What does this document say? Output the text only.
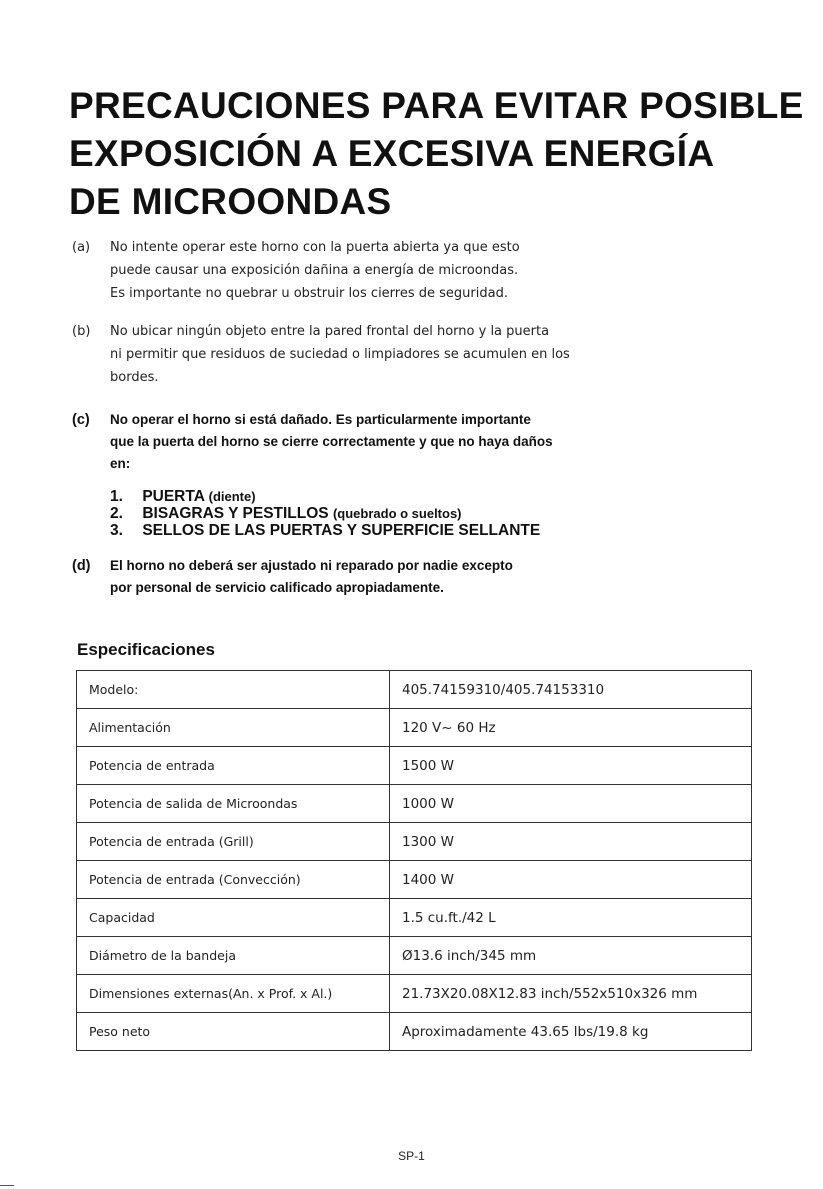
PRECAUCIONES PARA EVITAR POSIBLE
EXPOSICIÓN A EXCESIVA ENERGÍA
DE MICROONDAS
(a) No intente operar este horno con la puerta abierta ya que esto
puede causar una exposición dañina a energía de microondas.
Es importante no quebrar u obstruir los cierres de seguridad.
(b) No ubicar ningún objeto entre la pared frontal del horno y la puerta
ni permitir que residuos de suciedad o limpiadores se acumulen en los
bordes.
(c) No operar el horno si está dañado. Es particularmente importante
que la puerta del horno se cierre correctamente y que no haya daños
en:
1. PUERTA (diente)
2. BISAGRAS Y PESTILLOS (quebrado o sueltos)
3. SELLOS DE LAS PUERTAS Y SUPERFICIE SELLANTE
(d) El horno no deberá ser ajustado ni reparado por nadie excepto
por personal de servicio calificado apropiadamente.
Especificaciones
Modelo:	405.74159310/405.74153310
Alimentación	120 V~ 60 Hz
Potencia de entrada	1500 W
Potencia de salida de Microondas	1000 W
Potencia de entrada (Grill)	1300 W
Potencia de entrada (Convección)	1400 W
Capacidad	1.5 cu.ft./42 L
Diámetro de la bandeja	Ø13.6 inch/345 mm
Dimensiones externas(An. x Prof. x Al.)	21.73X20.08X12.83 inch/552x510x326 mm
Peso neto	Aproximadamente 43.65 lbs/19.8 kg
SP-1
